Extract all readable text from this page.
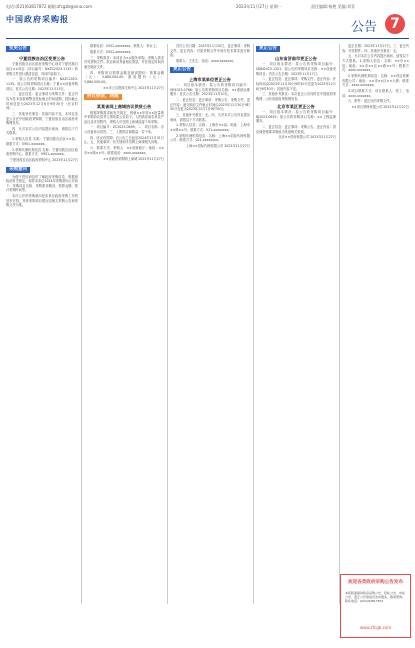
电话:(021)63817872 邮箱:zfcgzb@sina.com	2023年11月27日 星期一	责任编辑:杨艳 美编:刘菲
中国政府采购报
公告 7
变更公告
宁夏回族自治区变更公告

宁夏回族自治区政府采购中心现对宁夏回族自治区××项目（项目编号：NXZC2023-1135）的采购文件进行澄清变更，具体内容如下。

一、原公告的采购项目编号：NXZC2023-1135。原公告的采购项目名称：宁夏××设备采购项目。首次公告日期：2023年11月13日。

二、更正信息：更正事项为采购文件；更正内容为技术参数调整及投标截止时间延期，投标截止时间变更为2023年12月6日9时30分（北京时间）。

三、其他补充事宜：其他内容不变。本项目变更公告在中国政府采购网、宁夏回族自治区政府采购网发布。

四、凡对本次公告内容提出询问，请按以下方式联系。

1.采购人信息 名称：宁夏回族自治区××局；联系方式：0951-xxxxxxx。

2.采购代理机构信息 名称：宁夏回族自治区政府采购中心；联系方式：0951-xxxxxxx。

宁夏回族自治区政府采购中心 2023年11月27日
采购意向

为便于供应商及时了解政府采购信息，根据财政部有关规定，现将本单位2024年采购意向公开如下：采购项目名称、采购需求概况、预算金额、预计采购时间等。

本次公开的采购意向是本单位政府采购工作的初步安排，具体采购项目情况以相关采购公告和采购文件为准。

联系电话：0551-xxxxxxxx。联系人：李女士。

联系方式：0551-xxxxxxxx。

三、采购需求：本项目为××服务采购，采购人需求详见采购文件。供应商须具备相应资质，并在规定时间内递交响应文件。

四、采购项目预算金额及最高限价：预算金额（元）：3,860,000.00；最高限价（元）：3,860,000.00。

××市公共资源交易中心 2023年11月27日
协议供货、网超
某某省网上商城协议供货公告

根据采购需求和有关规定，现就××年度××批量集中采购协议供货入围结果公告如下。入围供应商名单及产品目录详见附件，采购人可在网上商城直接下单采购。

一、项目编号：ZC2023-0899。二、项目名称：办公设备协议供货。三、入围供应商数量：若干家。

四、协议有效期：自公告之日起至2024年12月31日止。五、其他事项：有关细则详见网上商城相关说明。

六、联系方式：采购人：××省财政厅；地址：××市××路××号；联系电话：xxxx-xxxxxxx。

××省政府采购网上商城 2023年11月27日

首次公告日期：2023年11月20日。更正事项：采购文件。更正内容：对原采购文件中部分技术要求进行修改。

联系人：王先生；电话：xxxx-xxxxxxx。

更正公告
上海市某单位更正公告

一、项目基本情况：原公告的采购项目编号：SH2023-0766；原公告的采购项目名称：××系统运维服务；首次公告日期：2023年11月10日。

二、更正信息：更正事项：采购公告、采购文件。更正内容：递交响应文件截止时间由2023年11月30日9时30分变更为2023年12月7日9时30分。

三、其他补充事宜：无。四、凡对本次公告内容提出询问，请按以下方式联系。

1.采购人信息：名称：上海市××局；地址：上海市××路××号；联系方式：021-xxxxxxxx。

2.采购代理机构信息：名称：上海××招标代理有限公司；联系方式：021-xxxxxxxx。

上海××招标代理有限公司 2023年11月27日
更正公告
山东省济南市更正公告

一、项目基本情况：原公告的采购项目编号：SDJN2023-1201；原公告的采购项目名称：××设备采购项目；首次公告日期：2023年11月17日。

二、更正信息：更正事项：采购文件。更正内容：开标时间由2023年11月30日9时30分变更为2023年12月8日9时30分；其他内容不变。

三、其他补充事宜：本次更正公告同时在中国政府采购网、山东省政府采购网发布。

北京市某区更正公告

一、项目基本情况：原公告的采购项目编号：BJ2023-0655；原公告的采购项目名称：××工程监理服务。

二、更正信息：更正事项：采购公告。更正内容：供应商资格要求修改为具备相关资质。

北京××咨询有限公司 2023年11月27日

更正日期：2023年11月27日。三、更正内容：详见附件。四、其他补充事宜：无。

五、凡对本次公告内容提出询问，请按以下方式联系。1.采购人信息：名称：××市××局；地址：××市××区××路××号；联系方式：xxxx-xxxxxxx。

2.采购代理机构信息：名称：××项目管理有限公司；地址：××市××区××大厦；联系方式：xxxx-xxxxxxx。

3.项目联系方式：项目联系人：张工；电话：xxxx-xxxxxxx。

六、附件：更正后的采购文件。

××项目管理有限公司 2023年11月27日
欢迎各类政府采购公告发布
本报版面提供政府采购公告、招标公告、中标公告、更正公告等信息发布服务，敬请垂询。联系电话：(021)63817872
www.zfcgb.com
